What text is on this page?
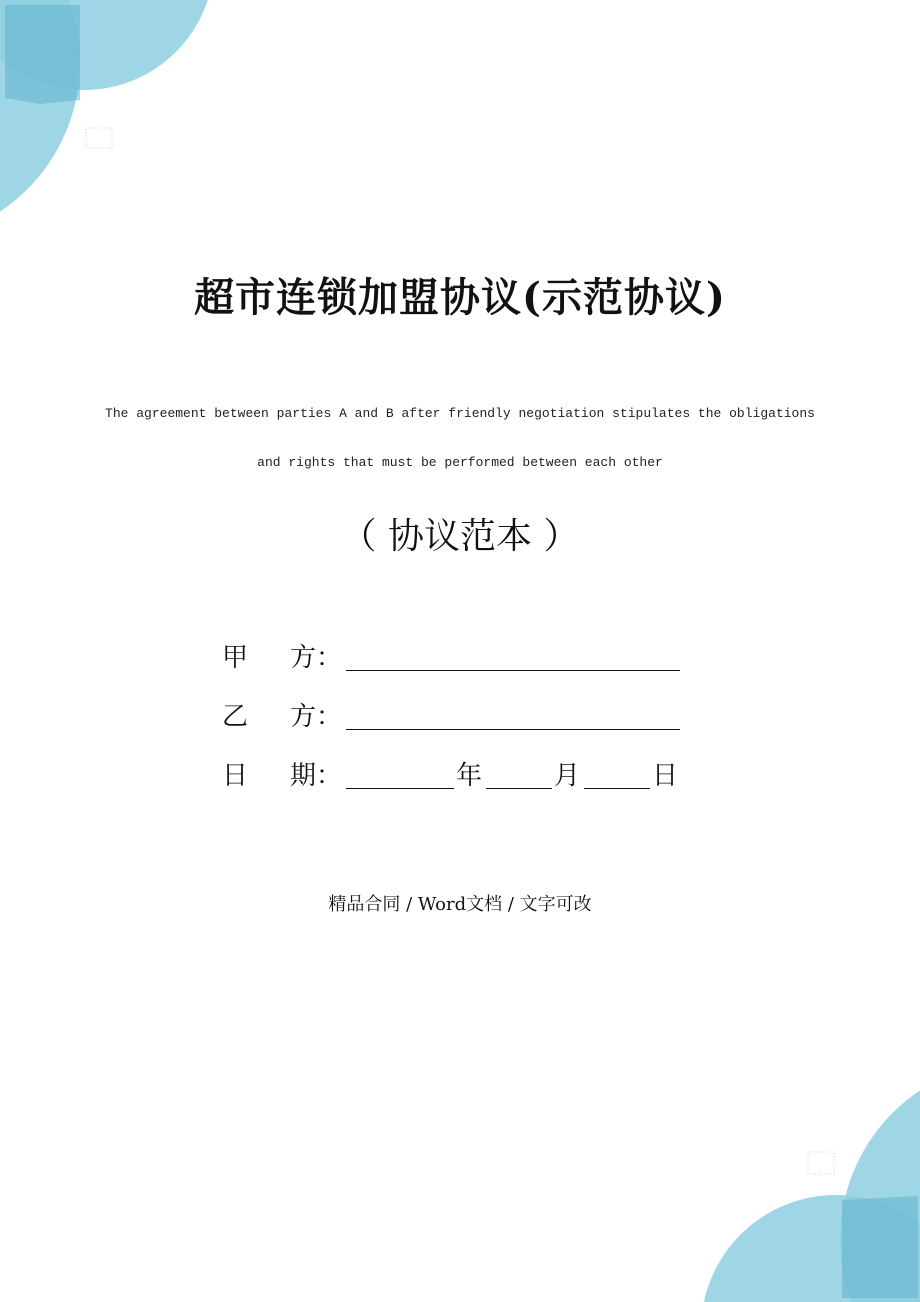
超市连锁加盟协议(示范协议)
The agreement between parties A and B after friendly negotiation stipulates the obligations
and rights that must be performed between each other
（ 协议范本 ）
甲 方：
乙 方：
日 期：	年	月	日
精品合同 / Word文档 / 文字可改
